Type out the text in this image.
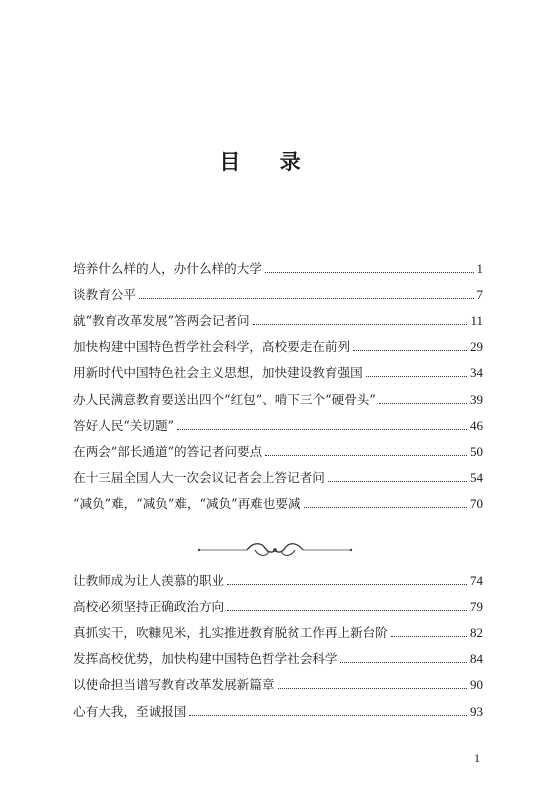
目 录
培养什么样的人，办什么样的大学	1
谈教育公平	7
就“教育改革发展”答两会记者问	11
加快构建中国特色哲学社会科学，高校要走在前列	29
用新时代中国特色社会主义思想，加快建设教育强国	34
办人民满意教育要送出四个“红包”、啃下三个“硬骨头”	39
答好人民“关切题”	46
在两会“部长通道”的答记者问要点	50
在十三届全国人大一次会议记者会上答记者问	54
“减负”难，“减负”难，“减负”再难也要减	70
让教师成为让人羡慕的职业	74
高校必须坚持正确政治方向	79
真抓实干，吹糠见米，扎实推进教育脱贫工作再上新台阶	82
发挥高校优势，加快构建中国特色哲学社会科学	84
以使命担当谱写教育改革发展新篇章	90
心有大我，至诚报国	93
1
